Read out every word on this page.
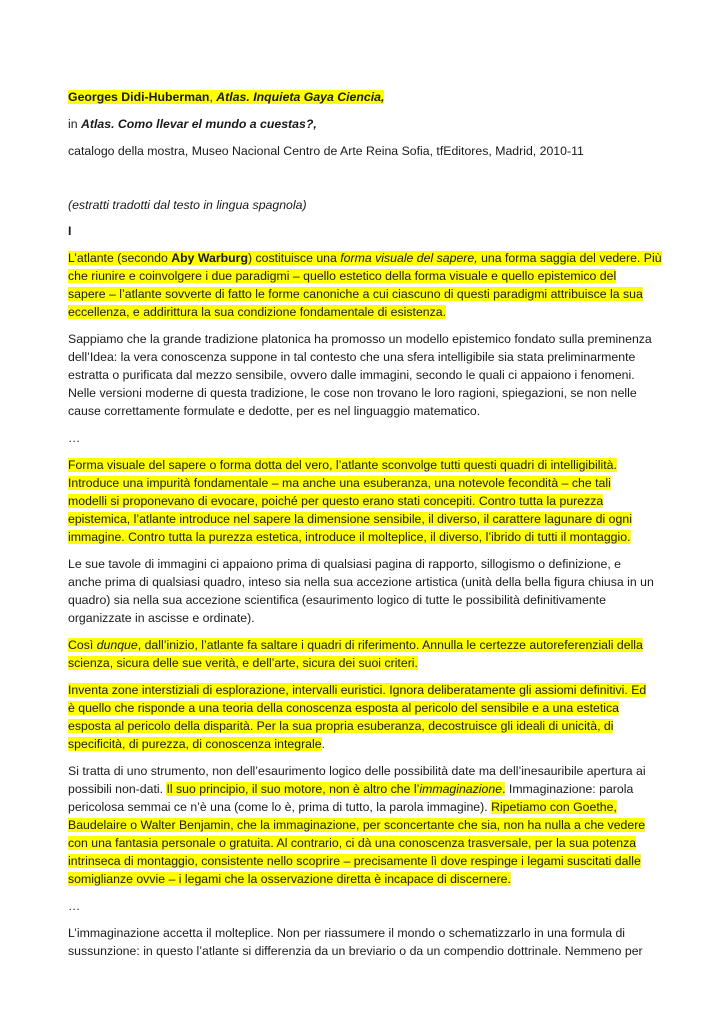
Georges Didi-Huberman, Atlas. Inquieta Gaya Ciencia,
in Atlas. Como llevar el mundo a cuestas?,
catalogo della mostra, Museo Nacional Centro de Arte Reina Sofia, tfEditores, Madrid, 2010-11
(estratti tradotti dal testo in lingua spagnola)
I
L’atlante (secondo Aby Warburg) costituisce una forma visuale del sapere, una forma saggia del vedere. Più
che riunire e coinvolgere i due paradigmi – quello estetico della forma visuale e quello epistemico del
sapere – l’atlante sovverte di fatto le forme canoniche a cui ciascuno di questi paradigmi attribuisce la sua
eccellenza, e addirittura la sua condizione fondamentale di esistenza.
Sappiamo che la grande tradizione platonica ha promosso un modello epistemico fondato sulla preminenza
dell’Idea: la vera conoscenza suppone in tal contesto che una sfera intelligibile sia stata preliminarmente
estratta o purificata dal mezzo sensibile, ovvero dalle immagini, secondo le quali ci appaiono i fenomeni.
Nelle versioni moderne di questa tradizione, le cose non trovano le loro ragioni, spiegazioni, se non nelle
cause correttamente formulate e dedotte, per es nel linguaggio matematico.
…
Forma visuale del sapere o forma dotta del vero, l’atlante sconvolge tutti questi quadri di intelligibilità.
Introduce una impurità fondamentale – ma anche una esuberanza, una notevole fecondità – che tali
modelli si proponevano di evocare, poiché per questo erano stati concepiti. Contro tutta la purezza
epistemica, l’atlante introduce nel sapere la dimensione sensibile, il diverso, il carattere lagunare di ogni
immagine. Contro tutta la purezza estetica, introduce il molteplice, il diverso, l’ibrido di tutti il montaggio.
Le sue tavole di immagini ci appaiono prima di qualsiasi pagina di rapporto, sillogismo o definizione, e
anche prima di qualsiasi quadro, inteso sia nella sua accezione artistica (unità della bella figura chiusa in un
quadro) sia nella sua accezione scientifica (esaurimento logico di tutte le possibilità definitivamente
organizzate in ascisse e ordinate).
Così dunque, dall’inizio, l’atlante fa saltare i quadri di riferimento. Annulla le certezze autoreferenziali della
scienza, sicura delle sue verità, e dell’arte, sicura dei suoi criteri.
Inventa zone interstiziali di esplorazione, intervalli euristici. Ignora deliberatamente gli assiomi definitivi. Ed
è quello che risponde a una teoria della conoscenza esposta al pericolo del sensibile e a una estetica
esposta al pericolo della disparità. Per la sua propria esuberanza, decostruisce gli ideali di unicità, di
specificità, di purezza, di conoscenza integrale.
Si tratta di uno strumento, non dell’esaurimento logico delle possibilità date ma dell’inesauribile apertura ai
possibili non-dati. Il suo principio, il suo motore, non è altro che l’immaginazione. Immaginazione: parola
pericolosa semmai ce n’è una (come lo è, prima di tutto, la parola immagine). Ripetiamo con Goethe,
Baudelaire o Walter Benjamin, che la immaginazione, per sconcertante che sia, non ha nulla a che vedere
con una fantasia personale o gratuita. Al contrario, ci dà una conoscenza trasversale, per la sua potenza
intrinseca di montaggio, consistente nello scoprire – precisamente lì dove respinge i legami suscitati dalle
somiglianze ovvie – i legami che la osservazione diretta è incapace di discernere.
…
L’immaginazione accetta il molteplice. Non per riassumere il mondo o schematizzarlo in una formula di
sussunzione: in questo l’atlante si differenzia da un breviario o da un compendio dottrinale. Nemmeno per
